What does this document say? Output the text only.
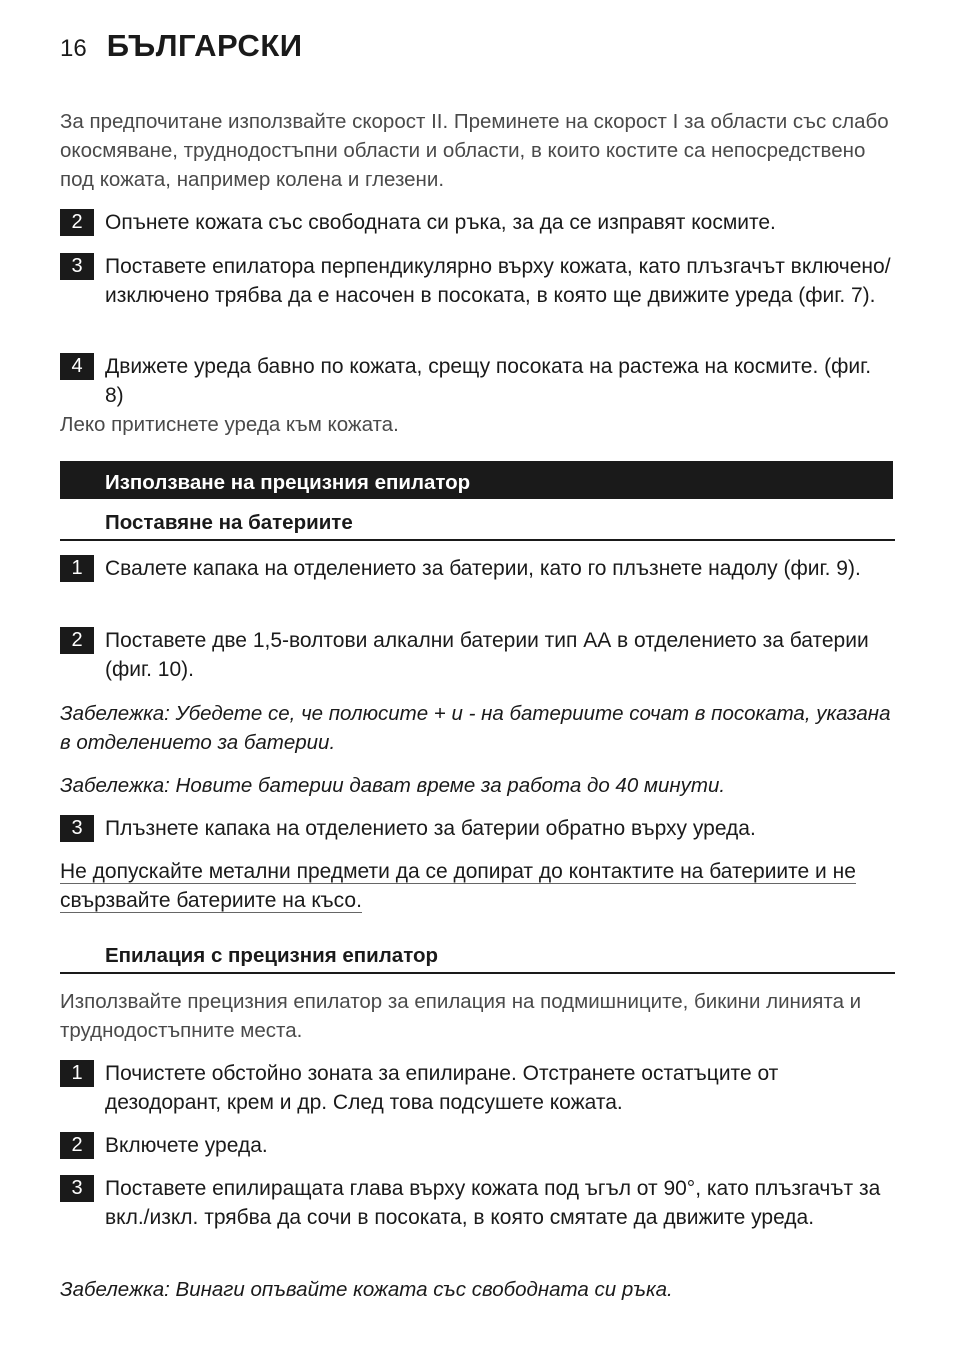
16 БЪЛГАРСКИ

За предпочитане използвайте скорост II. Преминете на скорост I за области със слабо окосмяване, труднодостъпни области и области, в които костите са непосредствено под кожата, например колена и глезени.

2	Опънете кожата със свободната си ръка, за да се изправят космите.
3	Поставете епилатора перпендикулярно върху кожата, като плъзгачът включено/изключено трябва да е насочен в посоката, в която ще движите уреда (фиг. 7).
4	Движете уреда бавно по кожата, срещу посоката на растежа на космите. (фиг. 8)

Леко притиснете уреда към кожата.

Използване на прецизния епилатор
Поставяне на батериите
1	Свалете капака на отделението за батерии, като го плъзнете надолу (фиг. 9).
2	Поставете две 1,5-волтови алкални батерии тип АА в отделението за батерии (фиг. 10).

Забележка: Убедете се, че полюсите + и - на батериите сочат в посоката, указана в отделението за батерии.

Забележка: Новите батерии дават време за работа до 40 минути.

3	Плъзнете капака на отделението за батерии обратно върху уреда.

Не допускайте метални предмети да се допират до контактите на батериите и не свързвайте батериите на късо.

Епилация с прецизния епилатор

Използвайте прецизния епилатор за епилация на подмишниците, бикини линията и труднодостъпните места.

1	Почистете обстойно зоната за епилиране. Отстранете остатъците от дезодорант, крем и др. След това подсушете кожата.
2	Включете уреда.
3	Поставете епилиращата глава върху кожата под ъгъл от 90°, като плъзгачът за вкл./изкл. трябва да сочи в посоката, в която смятате да движите уреда.

Забележка: Винаги опъвайте кожата със свободната си ръка.
